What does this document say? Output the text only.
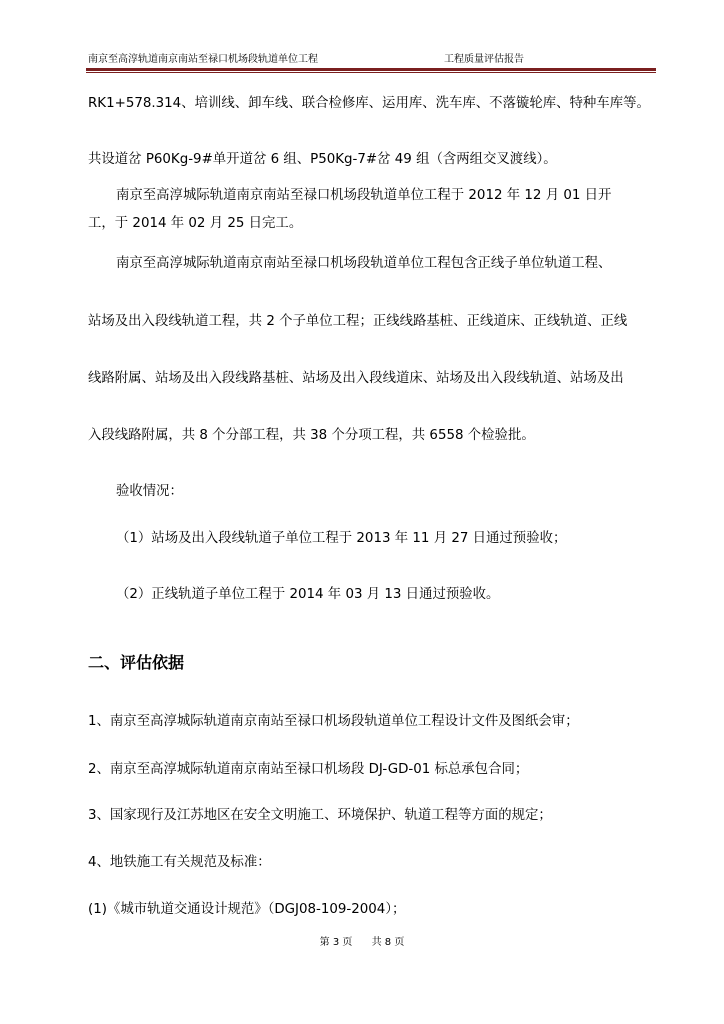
南京至高淳轨道南京南站至禄口机场段轨道单位工程	工程质量评估报告
RK1+578.314、培训线、卸车线、联合检修库、运用库、洗车库、不落镟轮库、特种车库等。
共设道岔 P60Kg-9#单开道岔 6 组、P50Kg-7#岔 49 组（含两组交叉渡线）。
南京至高淳城际轨道南京南站至禄口机场段轨道单位工程于 2012 年 12 月 01 日开
工，于 2014 年 02 月 25 日完工。
南京至高淳城际轨道南京南站至禄口机场段轨道单位工程包含正线子单位轨道工程、
站场及出入段线轨道工程，共 2 个子单位工程；正线线路基桩、正线道床、正线轨道、正线
线路附属、站场及出入段线路基桩、站场及出入段线道床、站场及出入段线轨道、站场及出
入段线路附属，共 8 个分部工程，共 38 个分项工程，共 6558 个检验批。
验收情况：
（1）站场及出入段线轨道子单位工程于 2013 年 11 月 27 日通过预验收；
（2）正线轨道子单位工程于 2014 年 03 月 13 日通过预验收。
二、评估依据
1、南京至高淳城际轨道南京南站至禄口机场段轨道单位工程设计文件及图纸会审；
2、南京至高淳城际轨道南京南站至禄口机场段 DJ-GD-01 标总承包合同；
3、国家现行及江苏地区在安全文明施工、环境保护、轨道工程等方面的规定；
4、地铁施工有关规范及标准：
(1)《城市轨道交通设计规范》（DGJ08-109-2004）；
第 3 页 共 8 页
